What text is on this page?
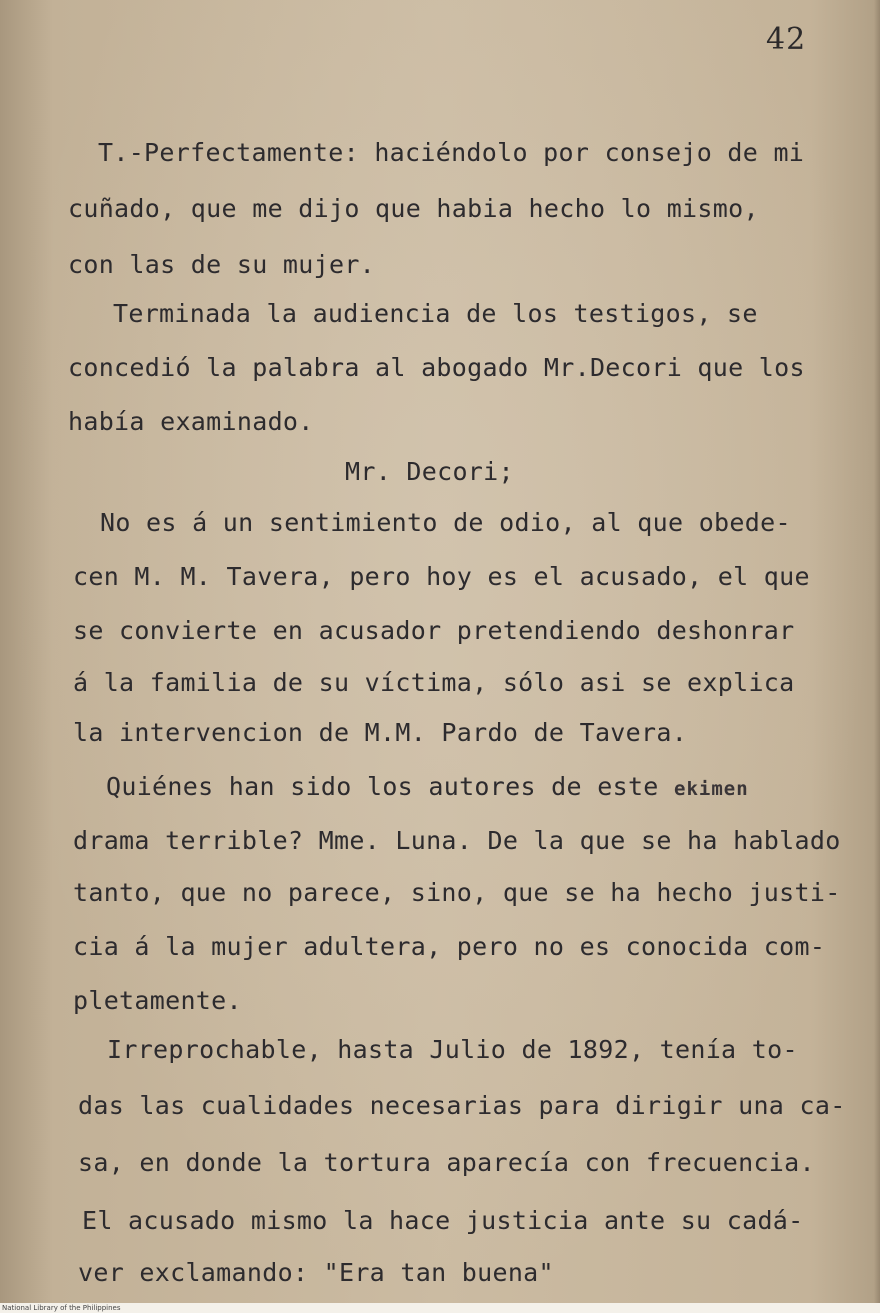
42
T.-Perfectamente: haciéndolo por consejo de mi
cuñado, que me dijo que habia hecho lo mismo,
con las de su mujer.
Terminada la audiencia de los testigos, se
concedió la palabra al abogado Mr.Decori que los
había examinado.
Mr. Decori;
No es á un sentimiento de odio, al que obede-
cen M. M. Tavera, pero hoy es el acusado, el que
se convierte en acusador pretendiendo deshonrar
á la familia de su víctima, sólo asi se explica
la intervencion de M.M. Pardo de Tavera.
Quiénes han sido los autores de este ekimen
drama terrible? Mme. Luna. De la que se ha hablado
tanto, que no parece, sino, que se ha hecho justi-
cia á la mujer adultera, pero no es conocida com-
pletamente.
Irreprochable, hasta Julio de 1892, tenía to-
das las cualidades necesarias para dirigir una ca-
sa, en donde la tortura aparecía con frecuencia.
El acusado mismo la hace justicia ante su cadá-
ver exclamando: "Era tan buena"
National Library of the Philippines
